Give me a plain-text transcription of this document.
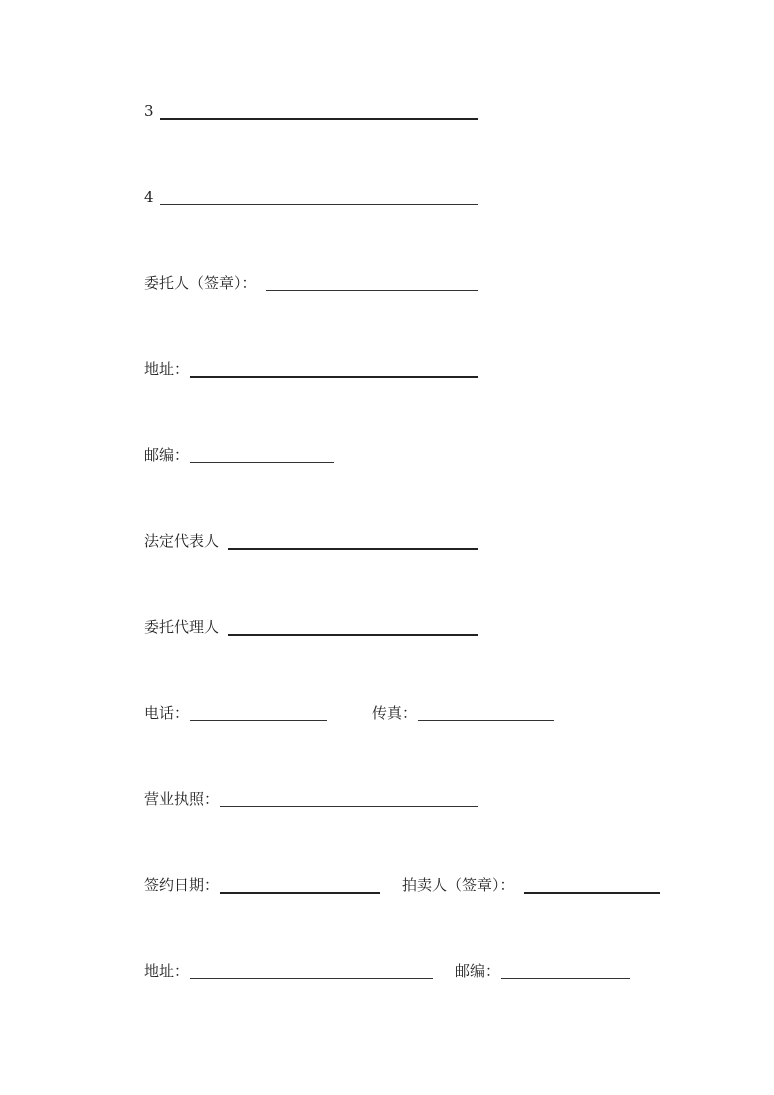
3
4
委托人（签章）：
地址：
邮编：
法定代表人
委托代理人
电话：	传真：
营业执照：
签约日期：	拍卖人（签章）：
地址：	邮编：
